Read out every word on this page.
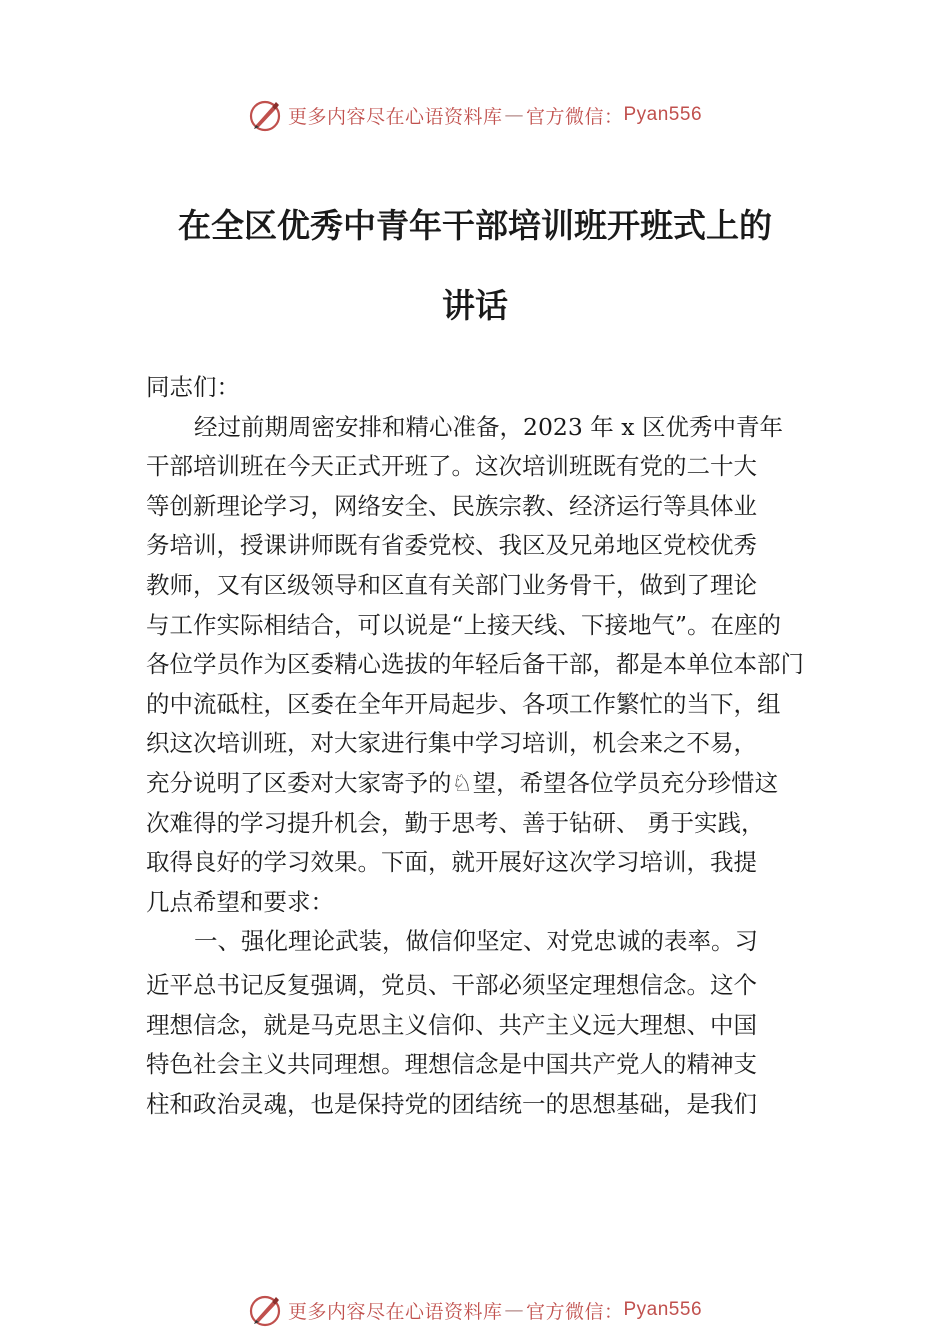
更多内容尽在心语资料库 — 官方微信： Pyan556
在全区优秀中青年干部培训班开班式上的
讲话
同志们：
经过前期周密安排和精心准备，2023 年 x 区优秀中青年
干部培训班在今天正式开班了。这次培训班既有党的二十大
等创新理论学习，网络安全、民族宗教、经济运行等具体业
务培训，授课讲师既有省委党校、我区及兄弟地区党校优秀
教师，又有区级领导和区直有关部门业务骨干，做到了理论
与工作实际相结合，可以说是“上接天线、下接地气”。在座的
各位学员作为区委精心选拔的年轻后备干部，都是本单位本部门
的中流砥柱，区委在全年开局起步、各项工作繁忙的当下，组
织这次培训班，对大家进行集中学习培训，机会来之不易，
充分说明了区委对大家寄予的♘望，希望各位学员充分珍惜这
次难得的学习提升机会，勤于思考、善于钻研、 勇于实践，
取得良好的学习效果。下面，就开展好这次学习培训，我提
几点希望和要求：
一、强化理论武装，做信仰坚定、对党忠诚的表率。习
近平总书记反复强调，党员、干部必须坚定理想信念。这个
理想信念，就是马克思主义信仰、共产主义远大理想、中国
特色社会主义共同理想。理想信念是中国共产党人的精神支
柱和政治灵魂，也是保持党的团结统一的思想基础，是我们
更多内容尽在心语资料库 — 官方微信： Pyan556
